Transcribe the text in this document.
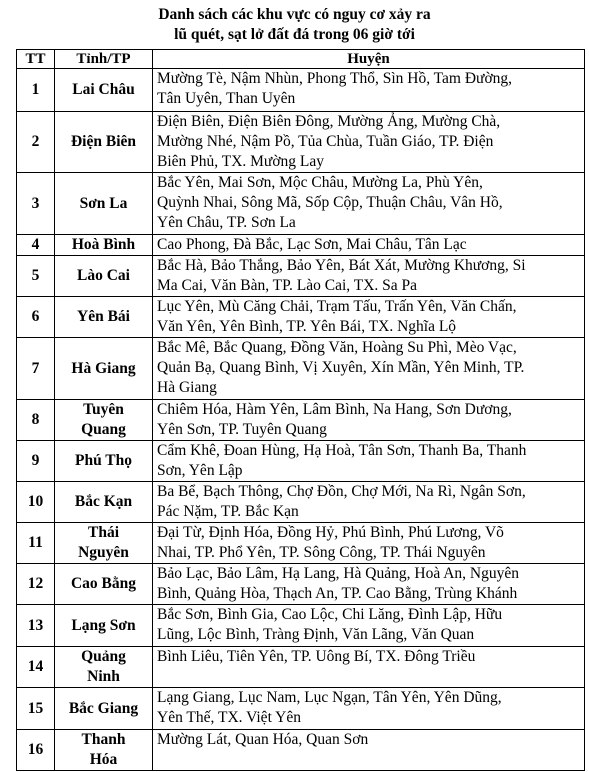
Danh sách các khu vực có nguy cơ xảy ra
lũ quét, sạt lở đất đá trong 06 giờ tới
TT	Tỉnh/TP	Huyện
1	Lai Châu	Mường Tè, Nậm Nhùn, Phong Thổ, Sìn Hồ, Tam Đường,
Tân Uyên, Than Uyên
2	Điện Biên	Điện Biên, Điện Biên Đông, Mường Ảng, Mường Chà,
Mường Nhé, Nậm Pồ, Tủa Chùa, Tuần Giáo, TP. Điện
Biên Phủ, TX. Mường Lay
3	Sơn La	Bắc Yên, Mai Sơn, Mộc Châu, Mường La, Phù Yên,
Quỳnh Nhai, Sông Mã, Sốp Cộp, Thuận Châu, Vân Hồ,
Yên Châu, TP. Sơn La
4	Hoà Bình	Cao Phong, Đà Bắc, Lạc Sơn, Mai Châu, Tân Lạc
5	Lào Cai	Bắc Hà, Bảo Thắng, Bảo Yên, Bát Xát, Mường Khương, Si
Ma Cai, Văn Bàn, TP. Lào Cai, TX. Sa Pa
6	Yên Bái	Lục Yên, Mù Căng Chải, Trạm Tấu, Trấn Yên, Văn Chấn,
Văn Yên, Yên Bình, TP. Yên Bái, TX. Nghĩa Lộ
7	Hà Giang	Bắc Mê, Bắc Quang, Đồng Văn, Hoàng Su Phì, Mèo Vạc,
Quản Bạ, Quang Bình, Vị Xuyên, Xín Mần, Yên Minh, TP.
Hà Giang
8	Tuyên
Quang	Chiêm Hóa, Hàm Yên, Lâm Bình, Na Hang, Sơn Dương,
Yên Sơn, TP. Tuyên Quang
9	Phú Thọ	Cẩm Khê, Đoan Hùng, Hạ Hoà, Tân Sơn, Thanh Ba, Thanh
Sơn, Yên Lập
10	Bắc Kạn	Ba Bể, Bạch Thông, Chợ Đồn, Chợ Mới, Na Rì, Ngân Sơn,
Pác Nặm, TP. Bắc Kạn
11	Thái
Nguyên	Đại Từ, Định Hóa, Đồng Hỷ, Phú Bình, Phú Lương, Võ
Nhai, TP. Phổ Yên, TP. Sông Công, TP. Thái Nguyên
12	Cao Bằng	Bảo Lạc, Bảo Lâm, Hạ Lang, Hà Quảng, Hoà An, Nguyên
Bình, Quảng Hòa, Thạch An, TP. Cao Bằng, Trùng Khánh
13	Lạng Sơn	Bắc Sơn, Bình Gia, Cao Lộc, Chi Lăng, Đình Lập, Hữu
Lũng, Lộc Bình, Tràng Định, Văn Lãng, Văn Quan
14	Quảng
Ninh	Bình Liêu, Tiên Yên, TP. Uông Bí, TX. Đông Triều
15	Bắc Giang	Lạng Giang, Lục Nam, Lục Ngạn, Tân Yên, Yên Dũng,
Yên Thế, TX. Việt Yên
16	Thanh
Hóa	Mường Lát, Quan Hóa, Quan Sơn
